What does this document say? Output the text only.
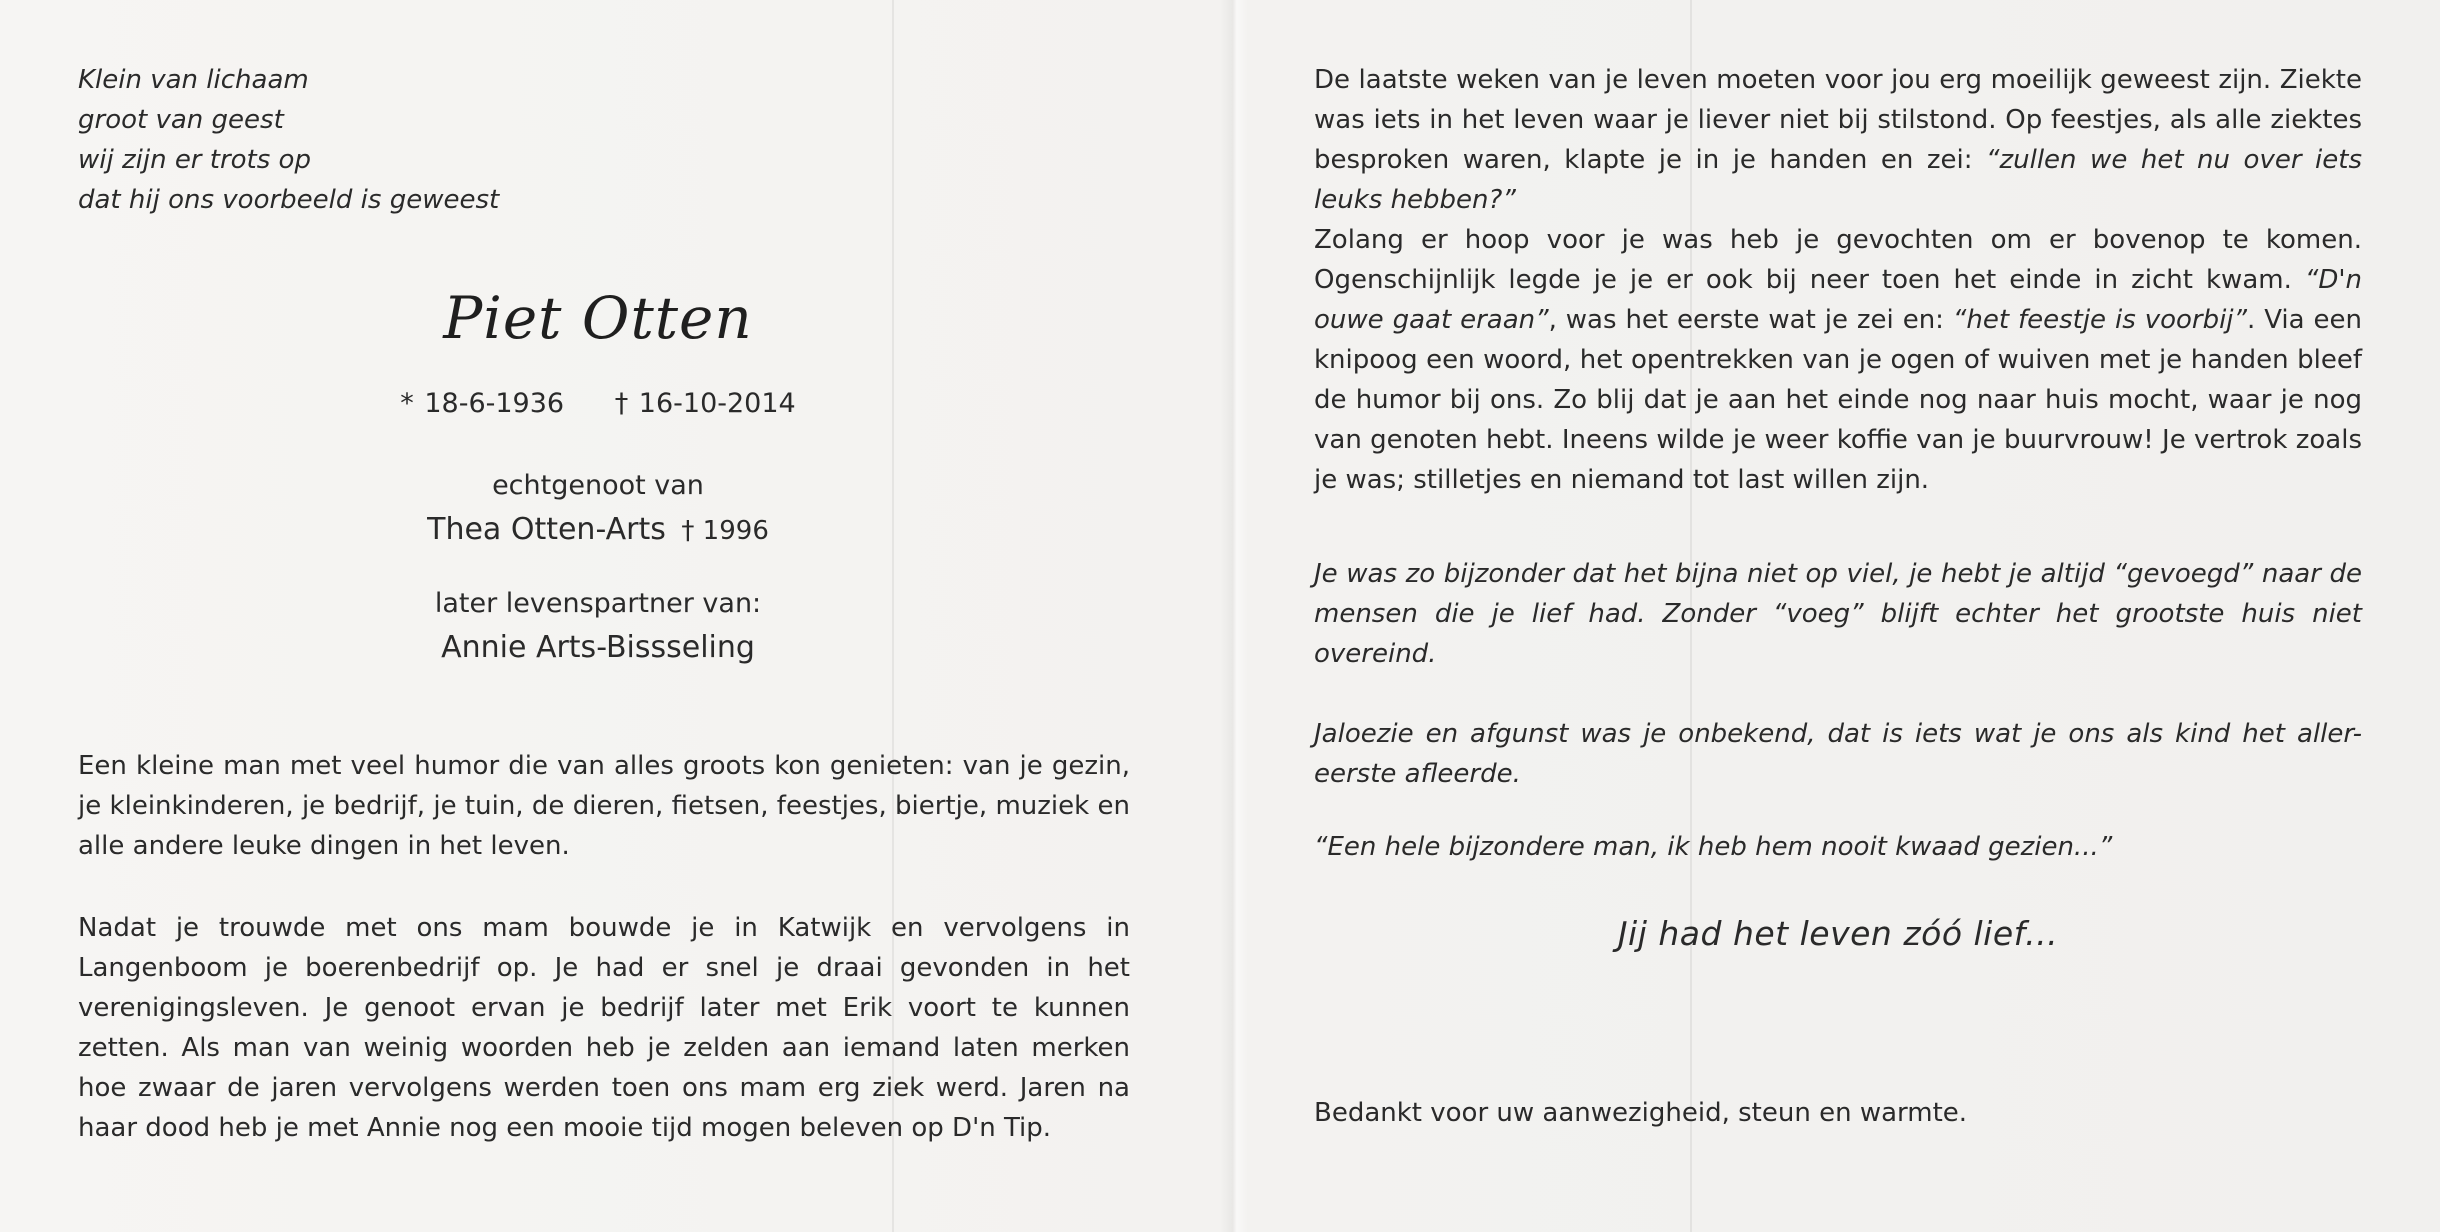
Klein van lichaam
groot van geest
wij zijn er trots op
dat hij ons voorbeeld is geweest
Piet Otten
* 18-6-1936 † 16-10-2014
echtgenoot van
Thea Otten-Arts † 1996
later levenspartner van:
Annie Arts-Bissseling
Een kleine man met veel humor die van alles groots kon genieten: van je gezin, je kleinkinderen, je bedrijf, je tuin, de dieren, fietsen, feestjes, biertje, muziek en alle andere leuke dingen in het leven.
Nadat je trouwde met ons mam bouwde je in Katwijk en vervolgens in Langenboom je boerenbedrijf op. Je had er snel je draai gevonden in het verenigingsleven. Je genoot ervan je bedrijf later met Erik voort te kunnen zetten. Als man van weinig woorden heb je zelden aan iemand laten merken hoe zwaar de jaren vervolgens werden toen ons mam erg ziek werd. Jaren na haar dood heb je met Annie nog een mooie tijd mogen beleven op D'n Tip.
De laatste weken van je leven moeten voor jou erg moeilijk geweest zijn. Ziekte was iets in het leven waar je liever niet bij stilstond. Op feestjes, als alle ziektes besproken waren, klapte je in je handen en zei: “zullen we het nu over iets leuks hebben?”
Zolang er hoop voor je was heb je gevochten om er bovenop te komen. Ogenschijnlijk legde je je er ook bij neer toen het einde in zicht kwam. “D'n ouwe gaat eraan”, was het eerste wat je zei en: “het feestje is voorbij”. Via een knipoog een woord, het opentrekken van je ogen of wuiven met je handen bleef de humor bij ons. Zo blij dat je aan het einde nog naar huis mocht, waar je nog van genoten hebt. Ineens wilde je weer koffie van je buurvrouw! Je vertrok zoals je was; stilletjes en niemand tot last willen zijn.
Je was zo bijzonder dat het bijna niet op viel, je hebt je altijd “gevoegd” naar de mensen die je lief had. Zonder “voeg” blijft echter het grootste huis niet overeind.
Jaloezie en afgunst was je onbekend, dat is iets wat je ons als kind het aller-eerste afleerde.
“Een hele bijzondere man, ik heb hem nooit kwaad gezien...”
Jij had het leven zóó lief...
Bedankt voor uw aanwezigheid, steun en warmte.
